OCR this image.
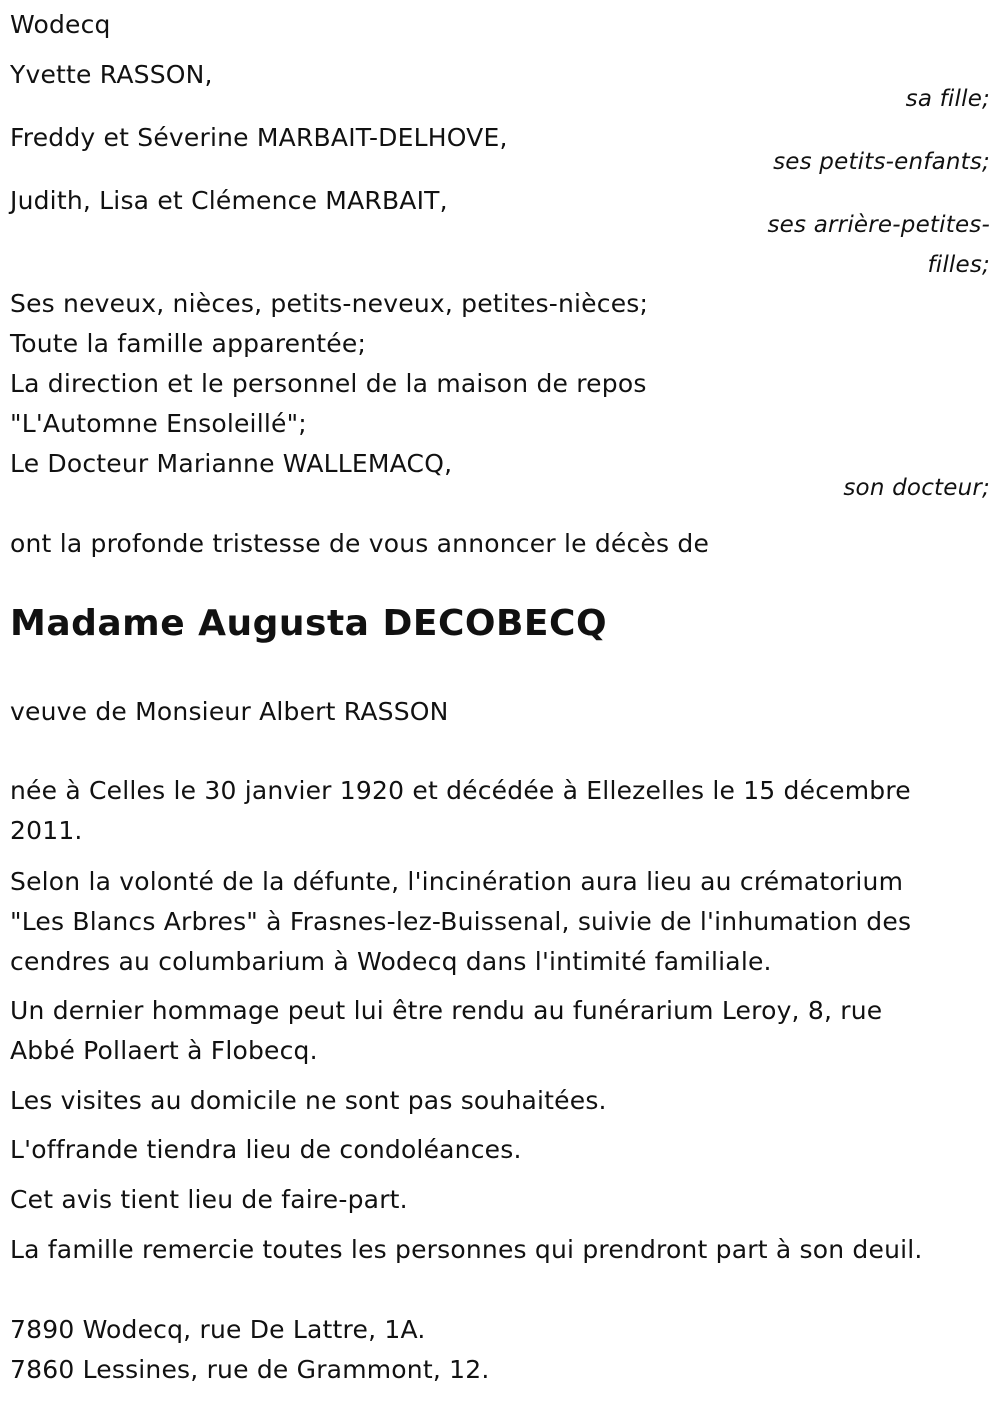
Wodecq
Yvette RASSON,
sa fille;
Freddy et Séverine MARBAIT-DELHOVE,
ses petits-enfants;
Judith, Lisa et Clémence MARBAIT,
ses arrière-petites-
filles;
Ses neveux, nièces, petits-neveux, petites-nièces;
Toute la famille apparentée;
La direction et le personnel de la maison de repos
"L'Automne Ensoleillé";
Le Docteur Marianne WALLEMACQ,
son docteur;
ont la profonde tristesse de vous annoncer le décès de
Madame Augusta DECOBECQ
veuve de Monsieur Albert RASSON
née à Celles le 30 janvier 1920 et décédée à Ellezelles le 15 décembre
2011.
Selon la volonté de la défunte, l'incinération aura lieu au crématorium
"Les Blancs Arbres" à Frasnes-lez-Buissenal, suivie de l'inhumation des
cendres au columbarium à Wodecq dans l'intimité familiale.
Un dernier hommage peut lui être rendu au funérarium Leroy, 8, rue
Abbé Pollaert à Flobecq.
Les visites au domicile ne sont pas souhaitées.
L'offrande tiendra lieu de condoléances.
Cet avis tient lieu de faire-part.
La famille remercie toutes les personnes qui prendront part à son deuil.
7890 Wodecq, rue De Lattre, 1A.
7860 Lessines, rue de Grammont, 12.
